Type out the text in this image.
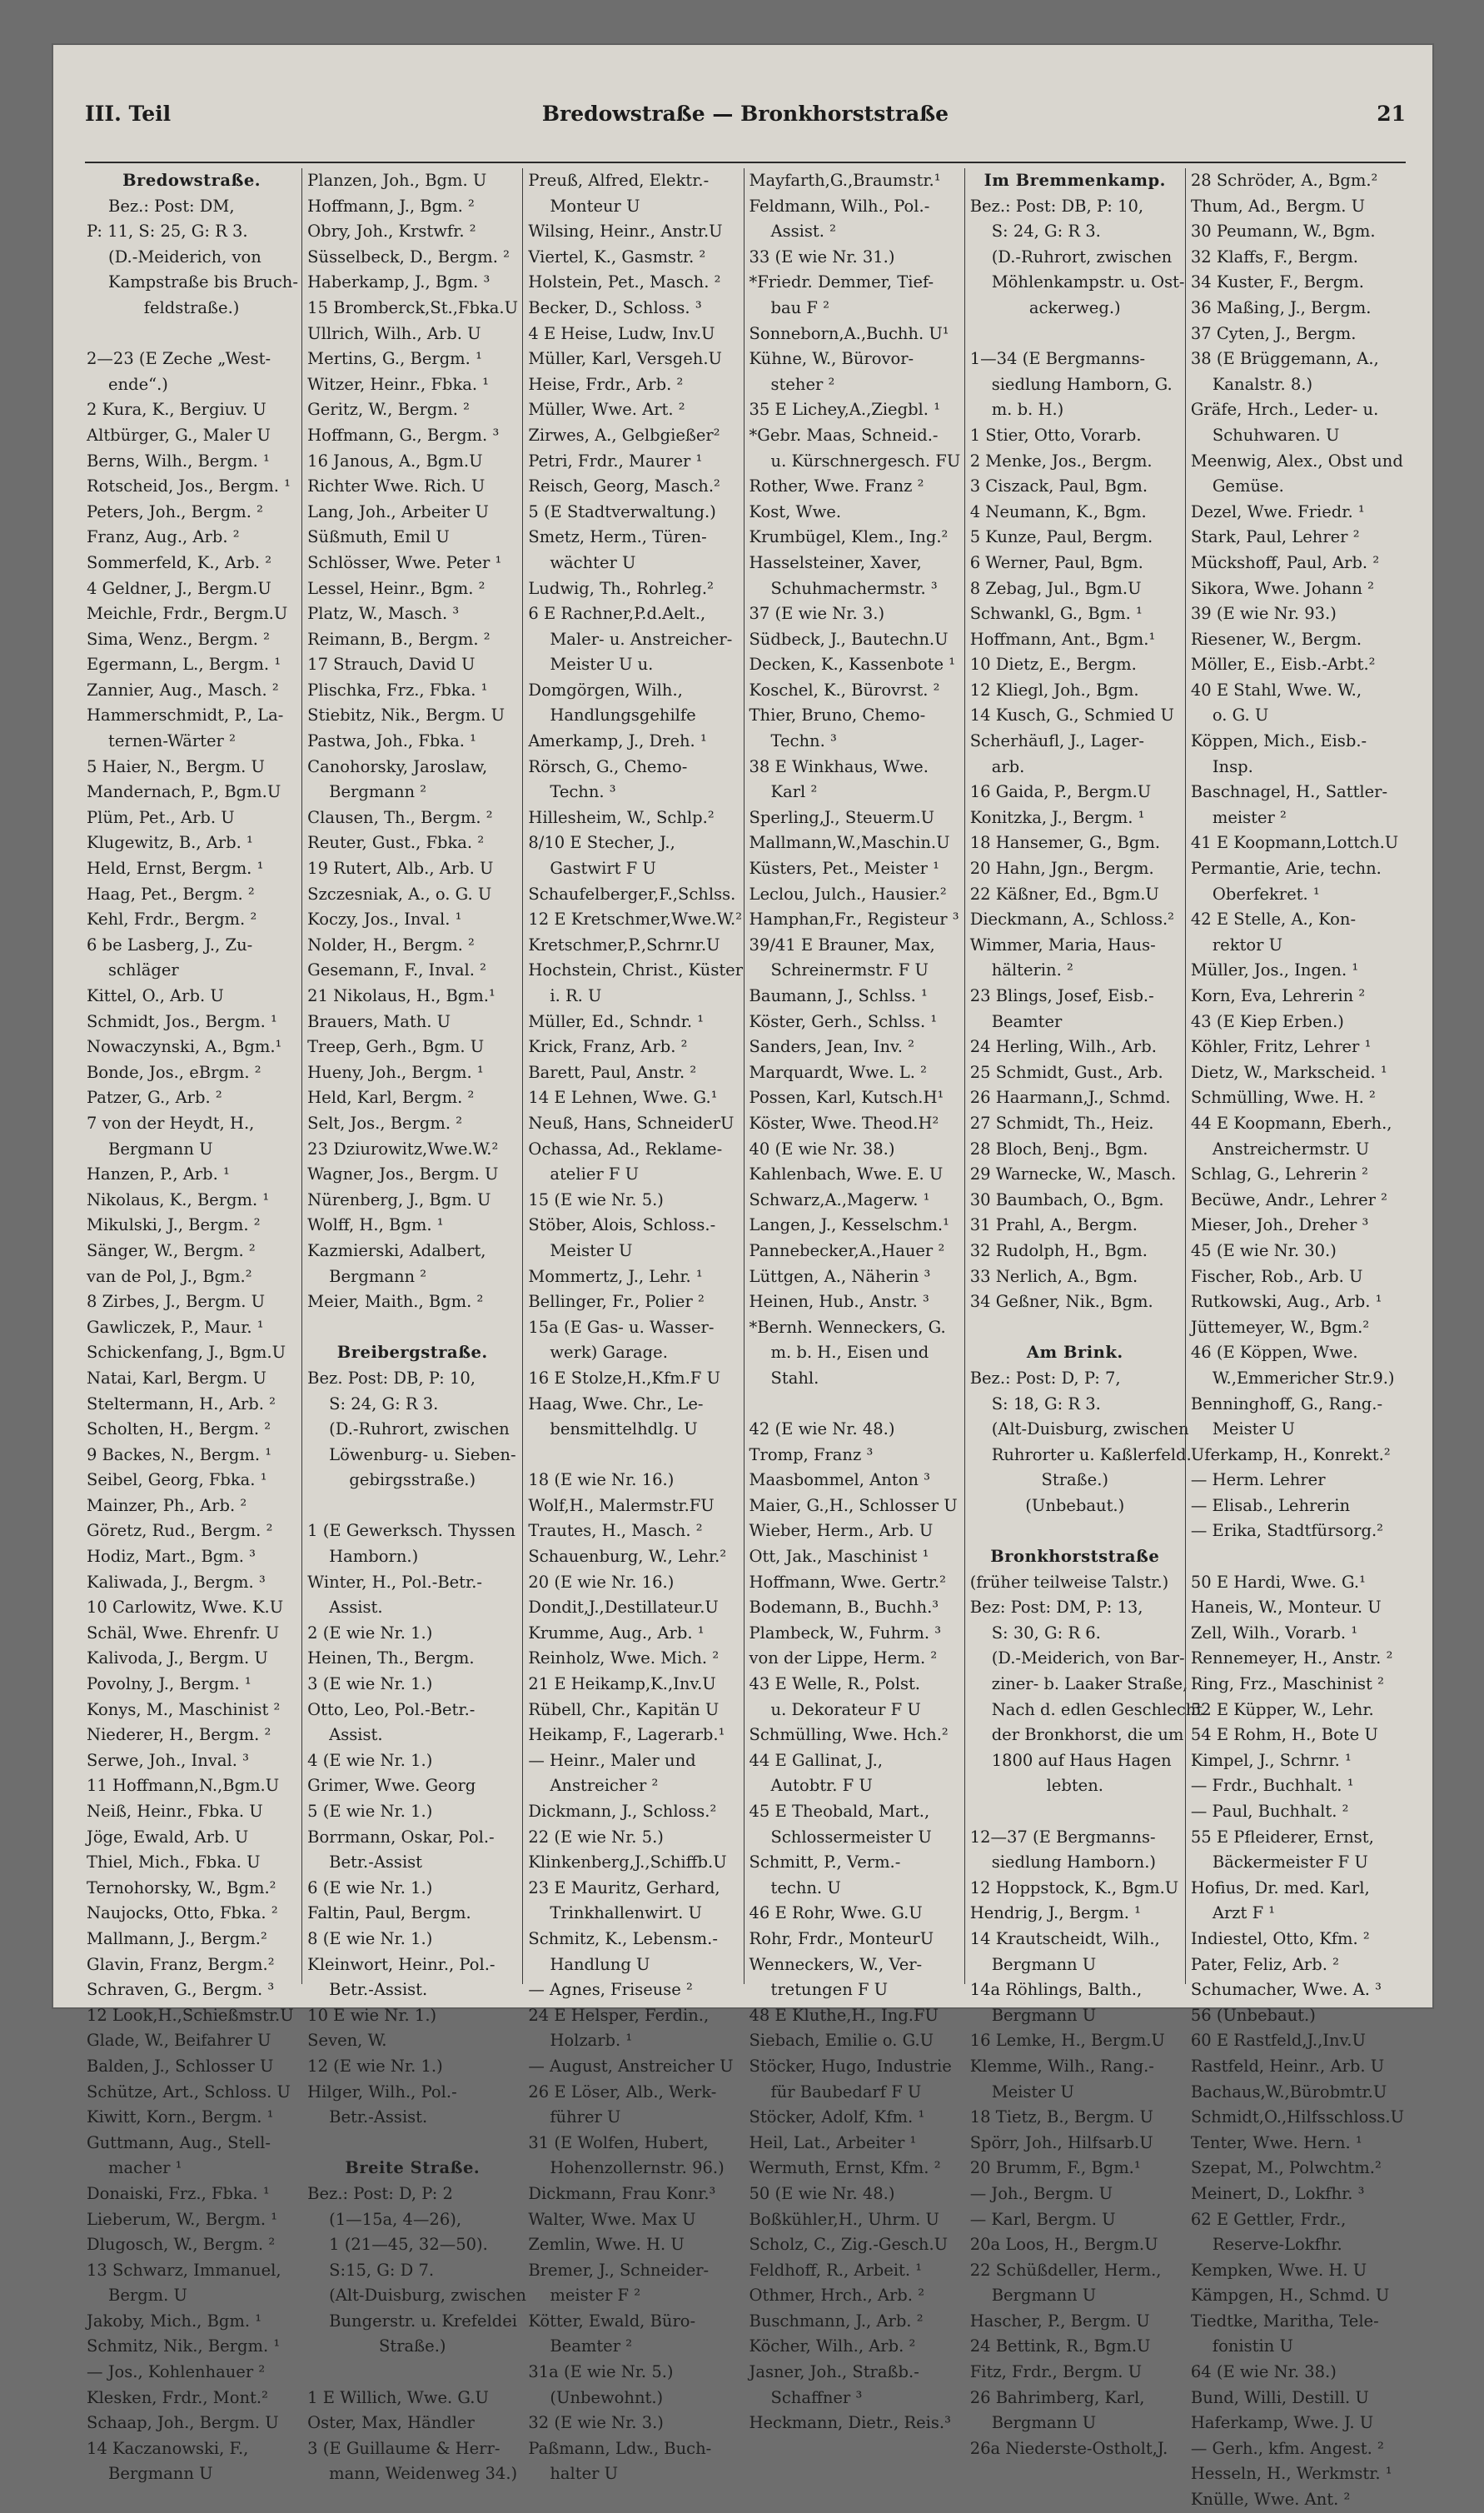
III. Teil	Bredowstraße — Bronkhorststraße	21
Bredowstraße.
Bez.: Post: DM,
P: 11, S: 25, G: R 3.
(D.-Meiderich, von
Kampstraße bis Bruch-
feldstraße.)
2—23 (E Zeche „West-
ende“.)
2 Kura, K., Bergiuv. U
Altbürger, G., Maler U
Berns, Wilh., Bergm. ¹
Rotscheid, Jos., Bergm. ¹
Peters, Joh., Bergm. ²
Franz, Aug., Arb. ²
Sommerfeld, K., Arb. ²
4 Geldner, J., Bergm.U
Meichle, Frdr., Bergm.U
Sima, Wenz., Bergm. ²
Egermann, L., Bergm. ¹
Zannier, Aug., Masch. ²
Hammerschmidt, P., La-
ternen-Wärter ²
5 Haier, N., Bergm. U
Mandernach, P., Bgm.U
Plüm, Pet., Arb. U
Klugewitz, B., Arb. ¹
Held, Ernst, Bergm. ¹
Haag, Pet., Bergm. ²
Kehl, Frdr., Bergm. ²
6 be Lasberg, J., Zu-
schläger
Kittel, O., Arb. U
Schmidt, Jos., Bergm. ¹
Nowaczynski, A., Bgm.¹
Bonde, Jos., eBrgm. ²
Patzer, G., Arb. ²
7 von der Heydt, H.,
Bergmann U
Hanzen, P., Arb. ¹
Nikolaus, K., Bergm. ¹
Mikulski, J., Bergm. ²
Sänger, W., Bergm. ²
van de Pol, J., Bgm.²
8 Zirbes, J., Bergm. U
Gawliczek, P., Maur. ¹
Schickenfang, J., Bgm.U
Natai, Karl, Bergm. U
Steltermann, H., Arb. ²
Scholten, H., Bergm. ²
9 Backes, N., Bergm. ¹
Seibel, Georg, Fbka. ¹
Mainzer, Ph., Arb. ²
Göretz, Rud., Bergm. ²
Hodiz, Mart., Bgm. ³
Kaliwada, J., Bergm. ³
10 Carlowitz, Wwe. K.U
Schäl, Wwe. Ehrenfr. U
Kalivoda, J., Bergm. U
Povolny, J., Bergm. ¹
Konys, M., Maschinist ²
Niederer, H., Bergm. ²
Serwe, Joh., Inval. ³
11 Hoffmann,N.,Bgm.U
Neiß, Heinr., Fbka. U
Jöge, Ewald, Arb. U
Thiel, Mich., Fbka. U
Ternohorsky, W., Bgm.²
Naujocks, Otto, Fbka. ²
Mallmann, J., Bergm.²
Glavin, Franz, Bergm.²
Schraven, G., Bergm. ³
12 Look,H.,Schießmstr.U
Glade, W., Beifahrer U
Balden, J., Schlosser U
Schütze, Art., Schloss. U
Kiwitt, Korn., Bergm. ¹
Guttmann, Aug., Stell-
macher ¹
Donaiski, Frz., Fbka. ¹
Lieberum, W., Bergm. ¹
Dlugosch, W., Bergm. ²
13 Schwarz, Immanuel,
Bergm. U
Jakoby, Mich., Bgm. ¹
Schmitz, Nik., Bergm. ¹
— Jos., Kohlenhauer ²
Klesken, Frdr., Mont.²
Schaap, Joh., Bergm. U
14 Kaczanowski, F.,
Bergmann U
Planzen, Joh., Bgm. U
Hoffmann, J., Bgm. ²
Obry, Joh., Krstwfr. ²
Süsselbeck, D., Bergm. ²
Haberkamp, J., Bgm. ³
15 Bromberck,St.,Fbka.U
Ullrich, Wilh., Arb. U
Mertins, G., Bergm. ¹
Witzer, Heinr., Fbka. ¹
Geritz, W., Bergm. ²
Hoffmann, G., Bergm. ³
16 Janous, A., Bgm.U
Richter Wwe. Rich. U
Lang, Joh., Arbeiter U
Süßmuth, Emil U
Schlösser, Wwe. Peter ¹
Lessel, Heinr., Bgm. ²
Platz, W., Masch. ³
Reimann, B., Bergm. ²
17 Strauch, David U
Plischka, Frz., Fbka. ¹
Stiebitz, Nik., Bergm. U
Pastwa, Joh., Fbka. ¹
Canohorsky, Jaroslaw,
Bergmann ²
Clausen, Th., Bergm. ²
Reuter, Gust., Fbka. ²
19 Rutert, Alb., Arb. U
Szczesniak, A., o. G. U
Koczy, Jos., Inval. ¹
Nolder, H., Bergm. ²
Gesemann, F., Inval. ²
21 Nikolaus, H., Bgm.¹
Brauers, Math. U
Treep, Gerh., Bgm. U
Hueny, Joh., Bergm. ¹
Held, Karl, Bergm. ²
Selt, Jos., Bergm. ²
23 Dziurowitz,Wwe.W.²
Wagner, Jos., Bergm. U
Nürenberg, J., Bgm. U
Wolff, H., Bgm. ¹
Kazmierski, Adalbert,
Bergmann ²
Meier, Maith., Bgm. ²
Breibergstraße.
Bez. Post: DB, P: 10,
S: 24, G: R 3.
(D.-Ruhrort, zwischen
Löwenburg- u. Sieben-
gebirgsstraße.)
1 (E Gewerksch. Thyssen
Hamborn.)
Winter, H., Pol.-Betr.-
Assist.
2 (E wie Nr. 1.)
Heinen, Th., Bergm.
3 (E wie Nr. 1.)
Otto, Leo, Pol.-Betr.-
Assist.
4 (E wie Nr. 1.)
Grimer, Wwe. Georg
5 (E wie Nr. 1.)
Borrmann, Oskar, Pol.-
Betr.-Assist
6 (E wie Nr. 1.)
Faltin, Paul, Bergm.
8 (E wie Nr. 1.)
Kleinwort, Heinr., Pol.-
Betr.-Assist.
10 E wie Nr. 1.)
Seven, W.
12 (E wie Nr. 1.)
Hilger, Wilh., Pol.-
Betr.-Assist.
Breite Straße.
Bez.: Post: D, P: 2
(1—15a, 4—26),
1 (21—45, 32—50).
S:15, G: D 7.
(Alt-Duisburg, zwischen
Bungerstr. u. Krefeldei
Straße.)
1 E Willich, Wwe. G.U
Oster, Max, Händler
3 (E Guillaume & Herr-
mann, Weidenweg 34.)
Preuß, Alfred, Elektr.-
Monteur U
Wilsing, Heinr., Anstr.U
Viertel, K., Gasmstr. ²
Holstein, Pet., Masch. ²
Becker, D., Schloss. ³
4 E Heise, Ludw, Inv.U
Müller, Karl, Versgeh.U
Heise, Frdr., Arb. ²
Müller, Wwe. Art. ²
Zirwes, A., Gelbgießer²
Petri, Frdr., Maurer ¹
Reisch, Georg, Masch.²
5 (E Stadtverwaltung.)
Smetz, Herm., Türen-
wächter U
Ludwig, Th., Rohrleg.²
6 E Rachner,P.d.Aelt.,
Maler- u. Anstreicher-
Meister U u.
Domgörgen, Wilh.,
Handlungsgehilfe
Amerkamp, J., Dreh. ¹
Rörsch, G., Chemo-
Techn. ³
Hillesheim, W., Schlp.²
8/10 E Stecher, J.,
Gastwirt F U
Schaufelberger,F.,Schlss.
12 E Kretschmer,Wwe.W.²
Kretschmer,P.,Schrnr.U
Hochstein, Christ., Küster
i. R. U
Müller, Ed., Schndr. ¹
Krick, Franz, Arb. ²
Barett, Paul, Anstr. ²
14 E Lehnen, Wwe. G.¹
Neuß, Hans, SchneiderU
Ochassa, Ad., Reklame-
atelier F U
15 (E wie Nr. 5.)
Stöber, Alois, Schloss.-
Meister U
Mommertz, J., Lehr. ¹
Bellinger, Fr., Polier ²
15a (E Gas- u. Wasser-
werk) Garage.
16 E Stolze,H.,Kfm.F U
Haag, Wwe. Chr., Le-
bensmittelhdlg. U
18 (E wie Nr. 16.)
Wolf,H., Malermstr.FU
Trautes, H., Masch. ²
Schauenburg, W., Lehr.²
20 (E wie Nr. 16.)
Dondit,J.,Destillateur.U
Krumme, Aug., Arb. ¹
Reinholz, Wwe. Mich. ²
21 E Heikamp,K.,Inv.U
Rübell, Chr., Kapitän U
Heikamp, F., Lagerarb.¹
— Heinr., Maler und
Anstreicher ²
Dickmann, J., Schloss.²
22 (E wie Nr. 5.)
Klinkenberg,J.,Schiffb.U
23 E Mauritz, Gerhard,
Trinkhallenwirt. U
Schmitz, K., Lebensm.-
Handlung U
— Agnes, Friseuse ²
24 E Helsper, Ferdin.,
Holzarb. ¹
— August, Anstreicher U
26 E Löser, Alb., Werk-
führer U
31 (E Wolfen, Hubert,
Hohenzollernstr. 96.)
Dickmann, Frau Konr.³
Walter, Wwe. Max U
Zemlin, Wwe. H. U
Bremer, J., Schneider-
meister F ²
Kötter, Ewald, Büro-
Beamter ²
31a (E wie Nr. 5.)
(Unbewohnt.)
32 (E wie Nr. 3.)
Paßmann, Ldw., Buch-
halter U
Mayfarth,G.,Braumstr.¹
Feldmann, Wilh., Pol.-
Assist. ²
33 (E wie Nr. 31.)
*Friedr. Demmer, Tief-
bau F ²
Sonneborn,A.,Buchh. U¹
Kühne, W., Bürovor-
steher ²
35 E Lichey,A.,Ziegbl. ¹
*Gebr. Maas, Schneid.-
u. Kürschnergesch. FU
Rother, Wwe. Franz ²
Kost, Wwe.
Krumbügel, Klem., Ing.²
Hasselsteiner, Xaver,
Schuhmachermstr. ³
37 (E wie Nr. 3.)
Südbeck, J., Bautechn.U
Decken, K., Kassenbote ¹
Koschel, K., Bürovrst. ²
Thier, Bruno, Chemo-
Techn. ³
38 E Winkhaus, Wwe.
Karl ²
Sperling,J., Steuerm.U
Mallmann,W.,Maschin.U
Küsters, Pet., Meister ¹
Leclou, Julch., Hausier.²
Hamphan,Fr., Registeur ³
39/41 E Brauner, Max,
Schreinermstr. F U
Baumann, J., Schlss. ¹
Köster, Gerh., Schlss. ¹
Sanders, Jean, Inv. ²
Marquardt, Wwe. L. ²
Possen, Karl, Kutsch.H¹
Köster, Wwe. Theod.H²
40 (E wie Nr. 38.)
Kahlenbach, Wwe. E. U
Schwarz,A.,Magerw. ¹
Langen, J., Kesselschm.¹
Pannebecker,A.,Hauer ²
Lüttgen, A., Näherin ³
Heinen, Hub., Anstr. ³
*Bernh. Wenneckers, G.
m. b. H., Eisen und
Stahl.
42 (E wie Nr. 48.)
Tromp, Franz ³
Maasbommel, Anton ³
Maier, G.,H., Schlosser U
Wieber, Herm., Arb. U
Ott, Jak., Maschinist ¹
Hoffmann, Wwe. Gertr.²
Bodemann, B., Buchh.³
Plambeck, W., Fuhrm. ³
von der Lippe, Herm. ²
43 E Welle, R., Polst.
u. Dekorateur F U
Schmülling, Wwe. Hch.²
44 E Gallinat, J.,
Autobtr. F U
45 E Theobald, Mart.,
Schlossermeister U
Schmitt, P., Verm.-
techn. U
46 E Rohr, Wwe. G.U
Rohr, Frdr., MonteurU
Wenneckers, W., Ver-
tretungen F U
48 E Kluthe,H., Ing.FU
Siebach, Emilie o. G.U
Stöcker, Hugo, Industrie
für Baubedarf F U
Stöcker, Adolf, Kfm. ¹
Heil, Lat., Arbeiter ¹
Wermuth, Ernst, Kfm. ²
50 (E wie Nr. 48.)
Boßkühler,H., Uhrm. U
Scholz, C., Zig.-Gesch.U
Feldhoff, R., Arbeit. ¹
Othmer, Hrch., Arb. ²
Buschmann, J., Arb. ²
Köcher, Wilh., Arb. ²
Jasner, Joh., Straßb.-
Schaffner ³
Heckmann, Dietr., Reis.³
Im Bremmenkamp.
Bez.: Post: DB, P: 10,
S: 24, G: R 3.
(D.-Ruhrort, zwischen
Möhlenkampstr. u. Ost-
ackerweg.)
1—34 (E Bergmanns-
siedlung Hamborn, G.
m. b. H.)
1 Stier, Otto, Vorarb.
2 Menke, Jos., Bergm.
3 Ciszack, Paul, Bgm.
4 Neumann, K., Bgm.
5 Kunze, Paul, Bergm.
6 Werner, Paul, Bgm.
8 Zebag, Jul., Bgm.U
Schwankl, G., Bgm. ¹
Hoffmann, Ant., Bgm.¹
10 Dietz, E., Bergm.
12 Kliegl, Joh., Bgm.
14 Kusch, G., Schmied U
Scherhäufl, J., Lager-
arb.
16 Gaida, P., Bergm.U
Konitzka, J., Bergm. ¹
18 Hansemer, G., Bgm.
20 Hahn, Jgn., Bergm.
22 Käßner, Ed., Bgm.U
Dieckmann, A., Schloss.²
Wimmer, Maria, Haus-
hälterin. ²
23 Blings, Josef, Eisb.-
Beamter
24 Herling, Wilh., Arb.
25 Schmidt, Gust., Arb.
26 Haarmann,J., Schmd.
27 Schmidt, Th., Heiz.
28 Bloch, Benj., Bgm.
29 Warnecke, W., Masch.
30 Baumbach, O., Bgm.
31 Prahl, A., Bergm.
32 Rudolph, H., Bgm.
33 Nerlich, A., Bgm.
34 Geßner, Nik., Bgm.
Am Brink.
Bez.: Post: D, P: 7,
S: 18, G: R 3.
(Alt-Duisburg, zwischen
Ruhrorter u. Kaßlerfeld.
Straße.)
(Unbebaut.)
Bronkhorststraße
(früher teilweise Talstr.)
Bez: Post: DM, P: 13,
S: 30, G: R 6.
(D.-Meiderich, von Bar-
ziner- b. Laaker Straße,
Nach d. edlen Geschlecht
der Bronkhorst, die um
1800 auf Haus Hagen
lebten.
12—37 (E Bergmanns-
siedlung Hamborn.)
12 Hoppstock, K., Bgm.U
Hendrig, J., Bergm. ¹
14 Krautscheidt, Wilh.,
Bergmann U
14a Röhlings, Balth.,
Bergmann U
16 Lemke, H., Bergm.U
Klemme, Wilh., Rang.-
Meister U
18 Tietz, B., Bergm. U
Spörr, Joh., Hilfsarb.U
20 Brumm, F., Bgm.¹
— Joh., Bergm. U
— Karl, Bergm. U
20a Loos, H., Bergm.U
22 Schüßdeller, Herm.,
Bergmann U
Hascher, P., Bergm. U
24 Bettink, R., Bgm.U
Fitz, Frdr., Bergm. U
26 Bahrimberg, Karl,
Bergmann U
26a Niederste-Ostholt,J.
28 Schröder, A., Bgm.²
Thum, Ad., Bergm. U
30 Peumann, W., Bgm.
32 Klaffs, F., Bergm.
34 Kuster, F., Bergm.
36 Maßing, J., Bergm.
37 Cyten, J., Bergm.
38 (E Brüggemann, A.,
Kanalstr. 8.)
Gräfe, Hrch., Leder- u.
Schuhwaren. U
Meenwig, Alex., Obst und
Gemüse.
Dezel, Wwe. Friedr. ¹
Stark, Paul, Lehrer ²
Mückshoff, Paul, Arb. ²
Sikora, Wwe. Johann ²
39 (E wie Nr. 93.)
Riesener, W., Bergm.
Möller, E., Eisb.-Arbt.²
40 E Stahl, Wwe. W.,
o. G. U
Köppen, Mich., Eisb.-
Insp.
Baschnagel, H., Sattler-
meister ²
41 E Koopmann,Lottch.U
Permantie, Arie, techn.
Oberfekret. ¹
42 E Stelle, A., Kon-
rektor U
Müller, Jos., Ingen. ¹
Korn, Eva, Lehrerin ²
43 (E Kiep Erben.)
Köhler, Fritz, Lehrer ¹
Dietz, W., Markscheid. ¹
Schmülling, Wwe. H. ²
44 E Koopmann, Eberh.,
Anstreichermstr. U
Schlag, G., Lehrerin ²
Becüwe, Andr., Lehrer ²
Mieser, Joh., Dreher ³
45 (E wie Nr. 30.)
Fischer, Rob., Arb. U
Rutkowski, Aug., Arb. ¹
Jüttemeyer, W., Bgm.²
46 (E Köppen, Wwe.
W.,Emmericher Str.9.)
Benninghoff, G., Rang.-
Meister U
Uferkamp, H., Konrekt.²
— Herm. Lehrer
— Elisab., Lehrerin
— Erika, Stadtfürsorg.²
50 E Hardi, Wwe. G.¹
Haneis, W., Monteur. U
Zell, Wilh., Vorarb. ¹
Rennemeyer, H., Anstr. ²
Ring, Frz., Maschinist ²
52 E Küpper, W., Lehr.
54 E Rohm, H., Bote U
Kimpel, J., Schrnr. ¹
— Frdr., Buchhalt. ¹
— Paul, Buchhalt. ²
55 E Pfleiderer, Ernst,
Bäckermeister F U
Hofius, Dr. med. Karl,
Arzt F ¹
Indiestel, Otto, Kfm. ²
Pater, Feliz, Arb. ²
Schumacher, Wwe. A. ³
56 (Unbebaut.)
60 E Rastfeld,J.,Inv.U
Rastfeld, Heinr., Arb. U
Bachaus,W.,Bürobmtr.U
Schmidt,O.,Hilfsschloss.U
Tenter, Wwe. Hern. ¹
Szepat, M., Polwchtm.²
Meinert, D., Lokfhr. ³
62 E Gettler, Frdr.,
Reserve-Lokfhr.
Kempken, Wwe. H. U
Kämpgen, H., Schmd. U
Tiedtke, Maritha, Tele-
fonistin U
64 (E wie Nr. 38.)
Bund, Willi, Destill. U
Haferkamp, Wwe. J. U
— Gerh., kfm. Angest. ²
Hesseln, H., Werkmstr. ¹
Knülle, Wwe. Ant. ²
